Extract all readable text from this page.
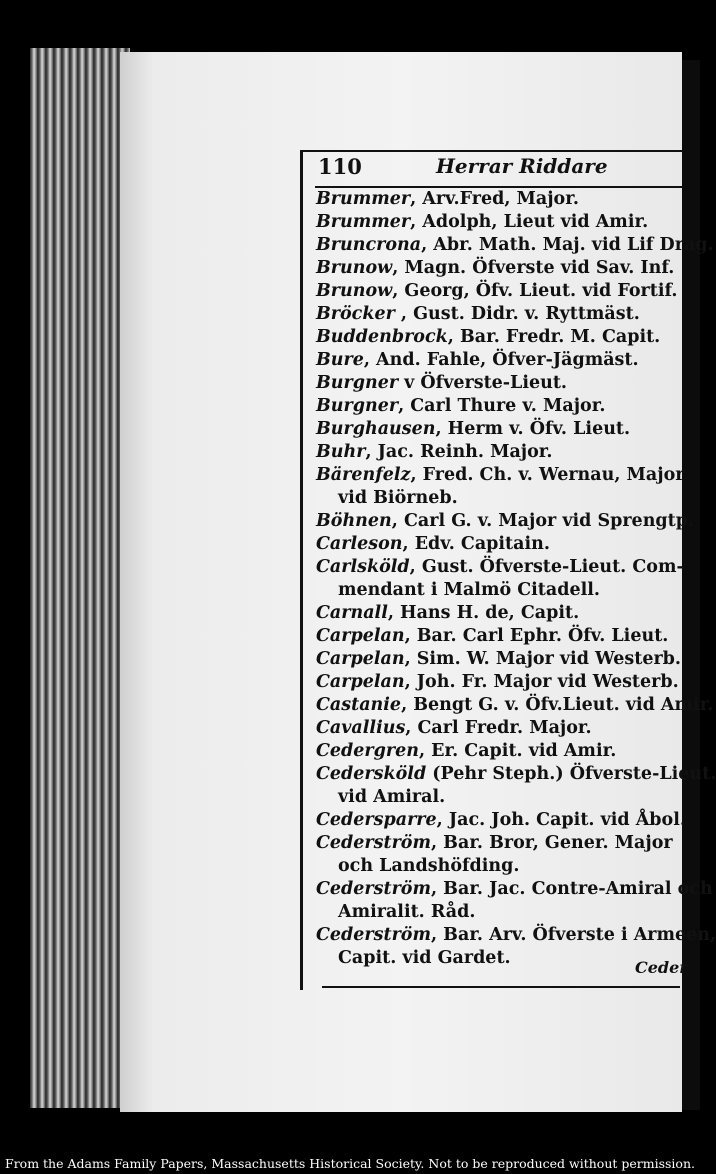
110	Herrar Riddare
Brummer, Arv.Fred, Major.
Brummer, Adolph, Lieut vid Amir.
Bruncrona, Abr. Math. Maj. vid Lif Drag.
Brunow, Magn. Öfverste vid Sav. Inf.
Brunow, Georg, Öfv. Lieut. vid Fortif.
Bröcker , Gust. Didr. v. Ryttmäst.
Buddenbrock, Bar. Fredr. M. Capit.
Bure, And. Fahle, Öfver-Jägmäst.
Burgner v Öfverste-Lieut.
Burgner, Carl Thure v. Major.
Burghausen, Herm v. Öfv. Lieut.
Buhr, Jac. Reinh. Major.
Bärenfelz, Fred. Ch. v. Wernau, Major
vid Biörneb.
Böhnen, Carl G. v. Major vid Sprengtp.
Carleson, Edv. Capitain.
Carlsköld, Gust. Öfverste-Lieut. Com-
mendant i Malmö Citadell.
Carnall, Hans H. de, Capit.
Carpelan, Bar. Carl Ephr. Öfv. Lieut.
Carpelan, Sim. W. Major vid Westerb.
Carpelan, Joh. Fr. Major vid Westerb.
Castanie, Bengt G. v. Öfv.Lieut. vid Amir.
Cavallius, Carl Fredr. Major.
Cedergren, Er. Capit. vid Amir.
Cedersköld (Pehr Steph.) Öfverste-Lieut.
vid Amiral.
Cedersparre, Jac. Joh. Capit. vid Åbol.
Cederström, Bar. Bror, Gener. Major
och Landshöfding.
Cederström, Bar. Jac. Contre-Amiral och
Amiralit. Råd.
Cederström, Bar. Arv. Öfverste i Armeen,
Capit. vid Gardet.	Ceder
From the Adams Family Papers, Massachusetts Historical Society. Not to be reproduced without permission.
